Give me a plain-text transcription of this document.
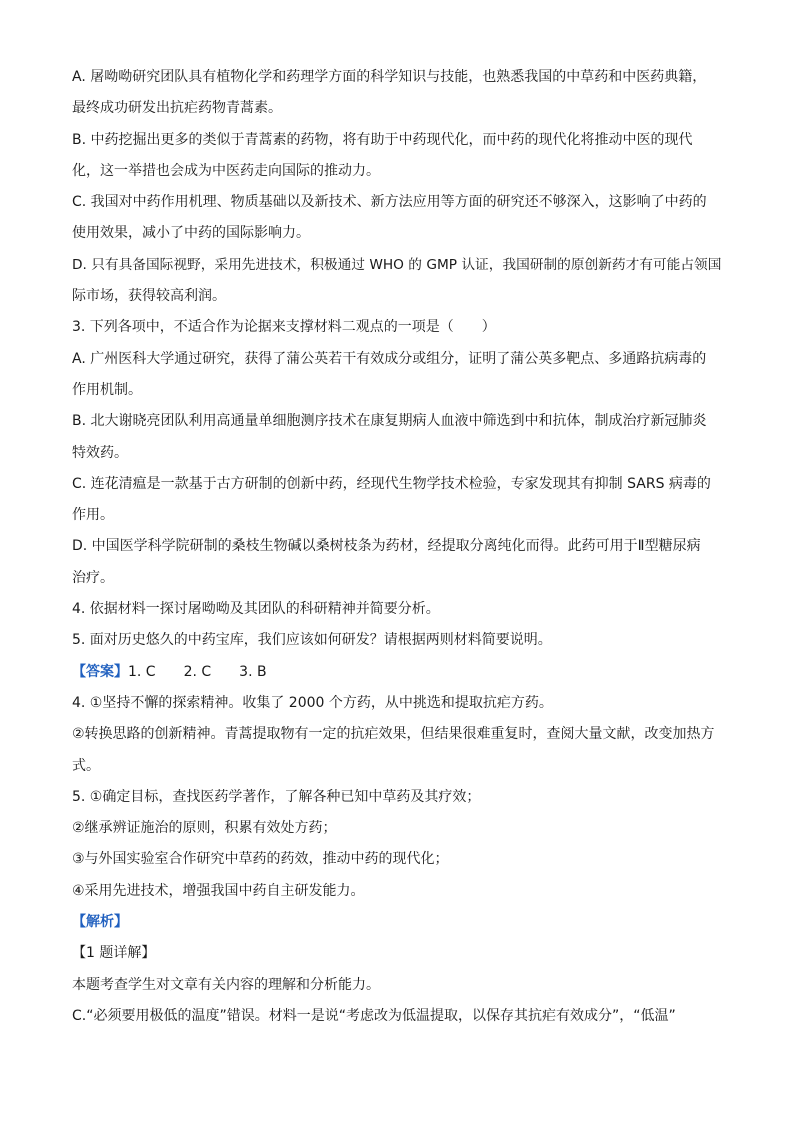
A. 屠呦呦研究团队具有植物化学和药理学方面的科学知识与技能，也熟悉我国的中草药和中医药典籍，
最终成功研发出抗疟药物青蒿素。
B. 中药挖掘出更多的类似于青蒿素的药物，将有助于中药现代化，而中药的现代化将推动中医的现代
化，这一举措也会成为中医药走向国际的推动力。
C. 我国对中药作用机理、物质基础以及新技术、新方法应用等方面的研究还不够深入，这影响了中药的
使用效果，减小了中药的国际影响力。
D. 只有具备国际视野，采用先进技术，积极通过 WHO 的 GMP 认证，我国研制的原创新药才有可能占领国
际市场，获得较高利润。
3. 下列各项中，不适合作为论据来支撑材料二观点的一项是（　　）
A. 广州医科大学通过研究，获得了蒲公英若干有效成分或组分，证明了蒲公英多靶点、多通路抗病毒的
作用机制。
B. 北大谢晓亮团队利用高通量单细胞测序技术在康复期病人血液中筛选到中和抗体，制成治疗新冠肺炎
特效药。
C. 连花清瘟是一款基于古方研制的创新中药，经现代生物学技术检验，专家发现其有抑制 SARS 病毒的
作用。
D. 中国医学科学院研制的桑枝生物碱以桑树枝条为药材，经提取分离纯化而得。此药可用于Ⅱ型糖尿病
治疗。
4. 依据材料一探讨屠呦呦及其团队的科研精神并简要分析。
5. 面对历史悠久的中药宝库，我们应该如何研发？请根据两则材料简要说明。
【答案】1. C　　2. C　　3. B
4. ①坚持不懈的探索精神。收集了 2000 个方药，从中挑选和提取抗疟方药。
②转换思路的创新精神。青蒿提取物有一定的抗疟效果，但结果很难重复时，查阅大量文献，改变加热方
式。
5. ①确定目标，查找医药学著作，了解各种已知中草药及其疗效；
②继承辨证施治的原则，积累有效处方药；
③与外国实验室合作研究中草药的药效，推动中药的现代化；
④采用先进技术，增强我国中药自主研发能力。
【解析】
【1 题详解】
本题考查学生对文章有关内容的理解和分析能力。
C.“必须要用极低的温度”错误。材料一是说“考虑改为低温提取，以保存其抗疟有效成分”，“低温”
